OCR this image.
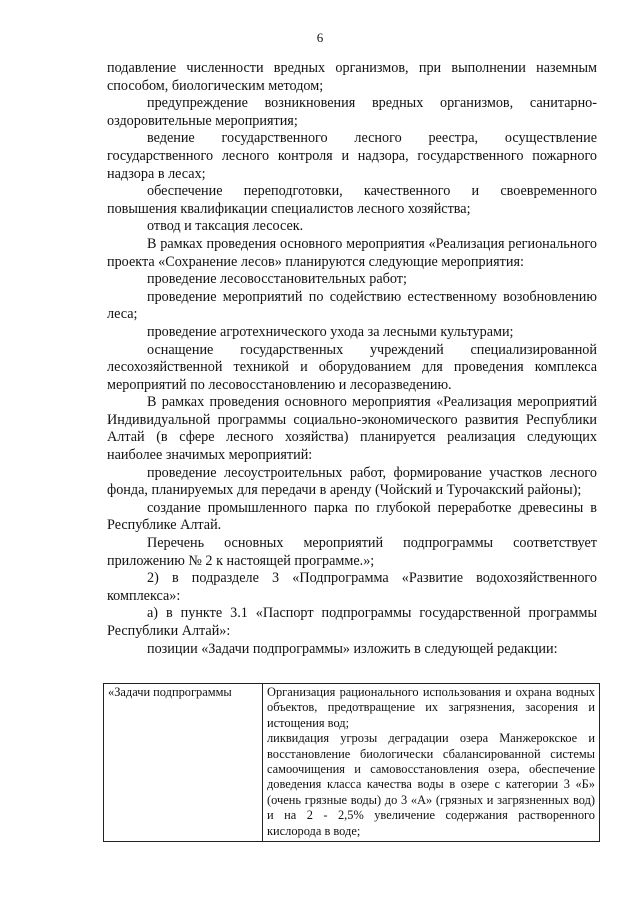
6

подавление численности вредных организмов, при выполнении наземным способом, биологическим методом;

предупреждение возникновения вредных организмов, санитарно-оздоровительные мероприятия;

ведение государственного лесного реестра, осуществление государственного лесного контроля и надзора, государственного пожарного надзора в лесах;

обеспечение переподготовки, качественного и своевременного повышения квалификации специалистов лесного хозяйства;

отвод и таксация лесосек.

В рамках проведения основного мероприятия «Реализация регионального проекта «Сохранение лесов» планируются следующие мероприятия:

проведение лесовосстановительных работ;

проведение мероприятий по содействию естественному возобновлению леса;

проведение агротехнического ухода за лесными культурами;

оснащение государственных учреждений специализированной лесохозяйственной техникой и оборудованием для проведения комплекса мероприятий по лесовосстановлению и лесоразведению.

В рамках проведения основного мероприятия «Реализация мероприятий Индивидуальной программы социально-экономического развития Республики Алтай (в сфере лесного хозяйства) планируется реализация следующих наиболее значимых мероприятий:

проведение лесоустроительных работ, формирование участков лесного фонда, планируемых для передачи в аренду (Чойский и Турочакский районы);

создание промышленного парка по глубокой переработке древесины в Республике Алтай.

Перечень основных мероприятий подпрограммы соответствует приложению № 2 к настоящей программе.»;

2) в подразделе 3 «Подпрограмма «Развитие водохозяйственного комплекса»:

а) в пункте 3.1 «Паспорт подпрограммы государственной программы Республики Алтай»:

позиции «Задачи подпрограммы» изложить в следующей редакции:

«Задачи подпрограммы	Организация рационального использования и охрана водных объектов, предотвращение их загрязнения, засорения и истощения вод;

ликвидация угрозы деградации озера Манжерокское и восстановление биологически сбалансированной системы самоочищения и самовосстановления озера, обеспечение доведения класса качества воды в озере с категории 3 «Б» (очень грязные воды) до 3 «А» (грязных и загрязненных вод) и на 2 - 2,5% увеличение содержания растворенного кислорода в воде;
